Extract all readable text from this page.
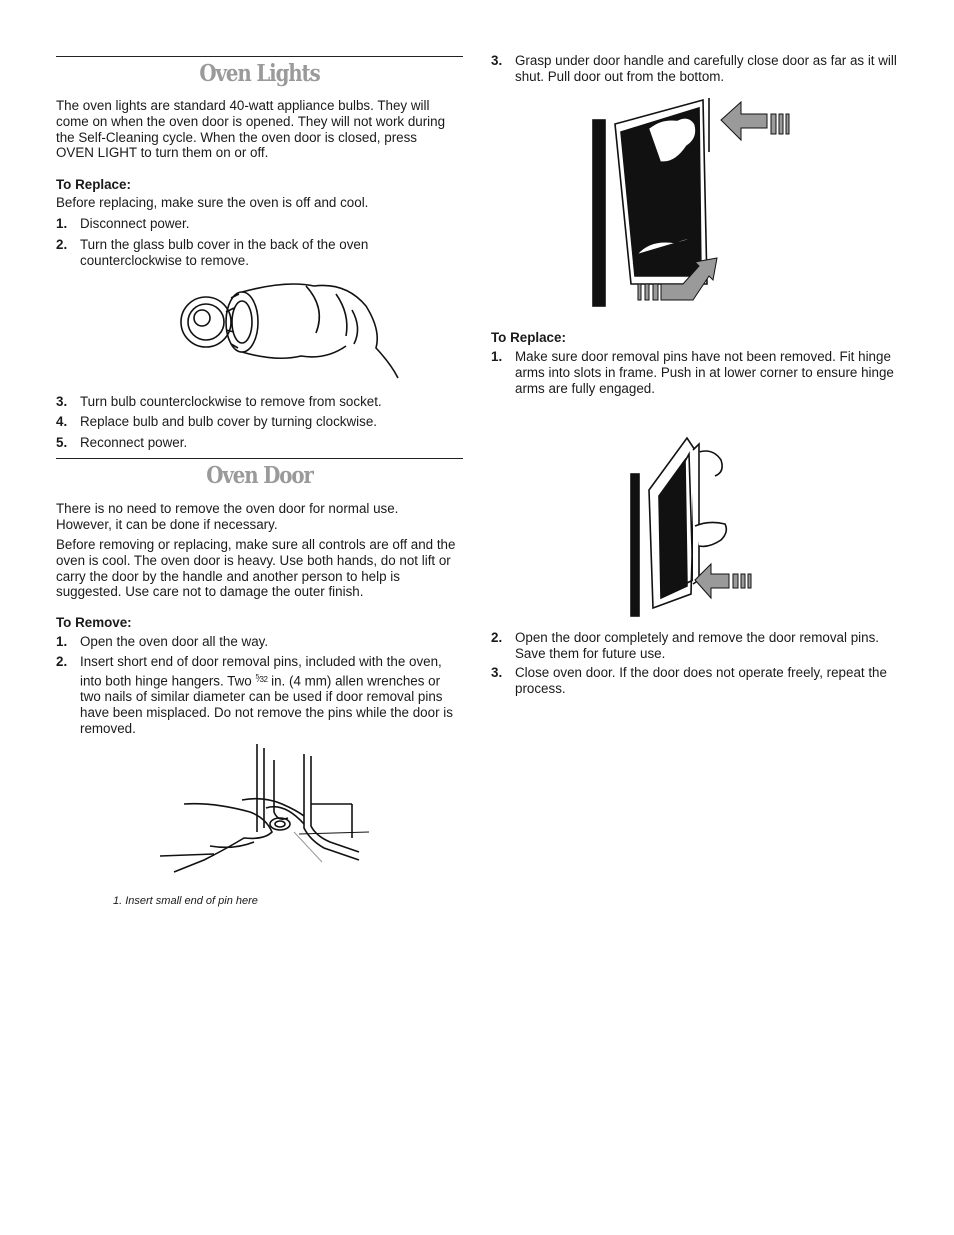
Oven Lights

The oven lights are standard 40-watt appliance bulbs. They will come on when the oven door is opened. They will not work during the Self-Cleaning cycle. When the oven door is closed, press OVEN LIGHT to turn them on or off.

To Replace:

Before replacing, make sure the oven is off and cool.

1. Disconnect power.
2. Turn the glass bulb cover in the back of the oven counterclockwise to remove.
3. Turn bulb counterclockwise to remove from socket.
4. Replace bulb and bulb cover by turning clockwise.
5. Reconnect power.
Oven Door

There is no need to remove the oven door for normal use. However, it can be done if necessary.

Before removing or replacing, make sure all controls are off and the oven is cool. The oven door is heavy. Use both hands, do not lift or carry the door by the handle and another person to help is suggested. Use care not to damage the outer finish.

To Remove:

1. Open the oven door all the way.
2. Insert short end of door removal pins, included with the oven, into both hinge hangers. Two $^{^5⁄32}$ in. (4 mm) allen wrenches or two nails of similar diameter can be used if door removal pins have been misplaced. Do not remove the pins while the door is removed.
1. Insert small end of pin here
3. Grasp under door handle and carefully close door as far as it will shut. Pull door out from the bottom.

To Replace:

1. Make sure door removal pins have not been removed. Fit hinge arms into slots in frame. Push in at lower corner to ensure hinge arms are fully engaged.
2. Open the door completely and remove the door removal pins. Save them for future use.
3. Close oven door. If the door does not operate freely, repeat the process.
